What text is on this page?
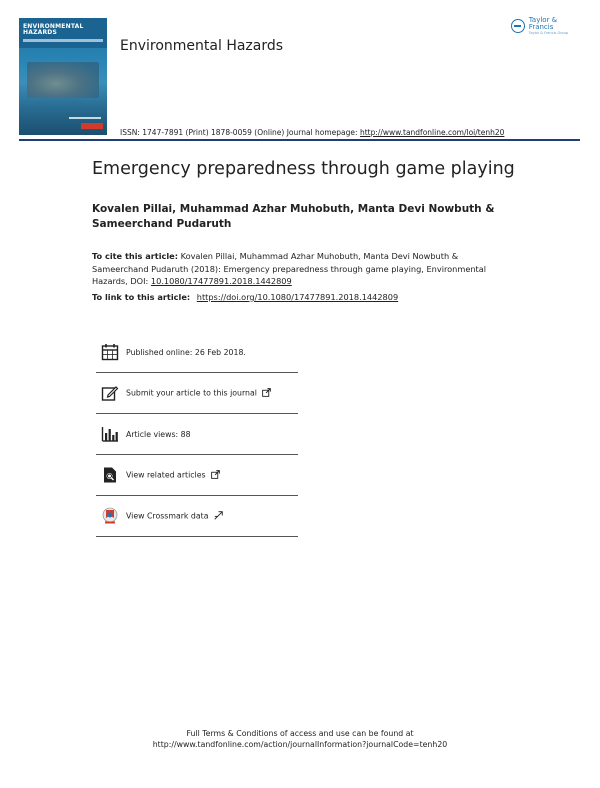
ENVIRONMENTAL HAZARDS
Environmental Hazards
Taylor & Francis
Taylor & Francis Group
ISSN: 1747-7891 (Print) 1878-0059 (Online) Journal homepage: http://www.tandfonline.com/loi/tenh20
Emergency preparedness through game playing
Kovalen Pillai, Muhammad Azhar Muhobuth, Manta Devi Nowbuth & Sameerchand Pudaruth
To cite this article: Kovalen Pillai, Muhammad Azhar Muhobuth, Manta Devi Nowbuth & Sameerchand Pudaruth (2018): Emergency preparedness through game playing, Environmental Hazards, DOI: 10.1080/17477891.2018.1442809
To link to this article: https://doi.org/10.1080/17477891.2018.1442809
Published online: 26 Feb 2018.
Submit your article to this journal
Article views: 88
View related articles
View Crossmark data
Full Terms & Conditions of access and use can be found at
http://www.tandfonline.com/action/journalInformation?journalCode=tenh20
